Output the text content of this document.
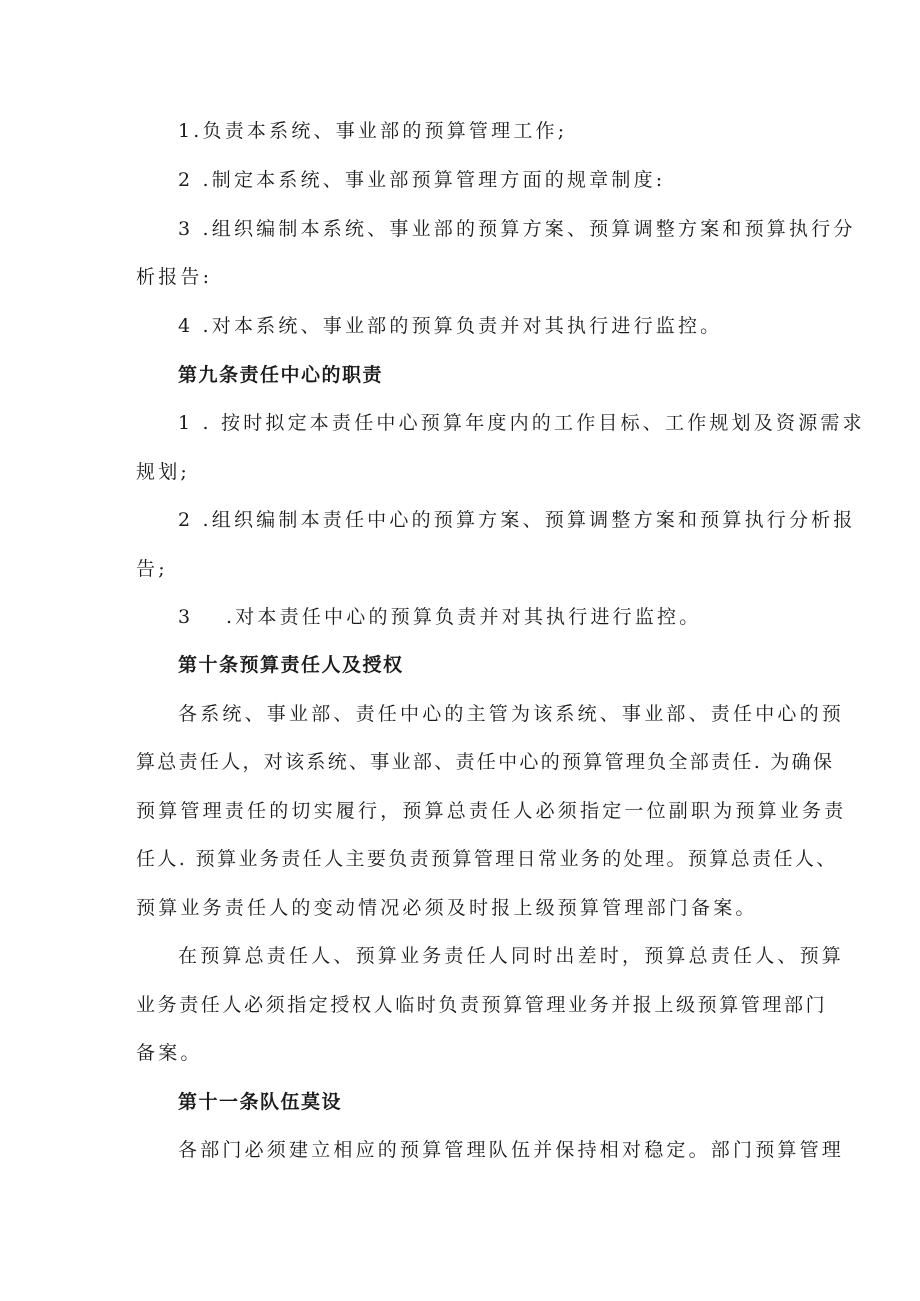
1.负责本系统、事业部的预算管理工作;
2 .制定本系统、事业部预算管理方面的规章制度:
3 .组织编制本系统、事业部的预算方案、预算调整方案和预算执行分
析报告:
4 .对本系统、事业部的预算负责并对其执行进行监控。
第九条责任中心的职责
1 . 按时拟定本责任中心预算年度内的工作目标、工作规划及资源需求
规划;
2 .组织编制本责任中心的预算方案、预算调整方案和预算执行分析报
告;
3 .对本责任中心的预算负责并对其执行进行监控。
第十条预算责任人及授权
各系统、事业部、责任中心的主管为该系统、事业部、责任中心的预
算总责任人，对该系统、事业部、责任中心的预算管理负全部责任. 为确保
预算管理责任的切实履行，预算总责任人必须指定一位副职为预算业务责
任人. 预算业务责任人主要负责预算管理日常业务的处理。预算总责任人、
预算业务责任人的变动情况必须及时报上级预算管理部门备案。
在预算总责任人、预算业务责任人同时出差时，预算总责任人、预算
业务责任人必须指定授权人临时负责预算管理业务并报上级预算管理部门
备案。
第十一条队伍莫设
各部门必须建立相应的预算管理队伍并保持相对稳定。部门预算管理
